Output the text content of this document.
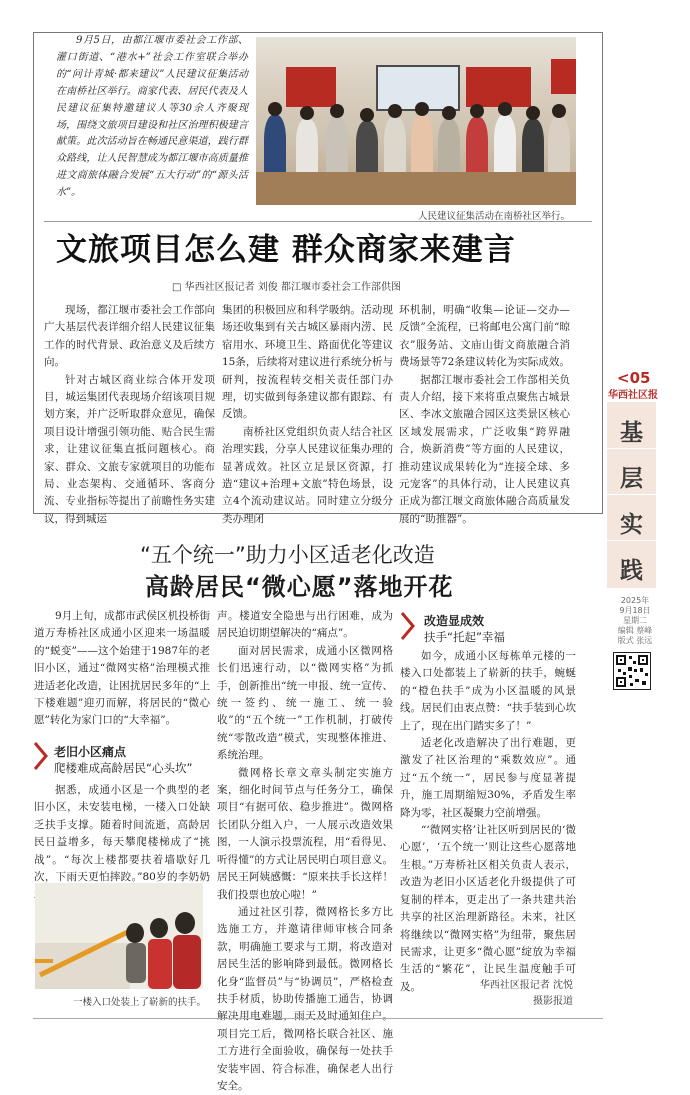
9月5日，由都江堰市委社会工作部、灌口街道、“港水+”社会工作室联合举办的“问计青城·都来建议”人民建议征集活动在南桥社区举行。商家代表、居民代表及人民建议征集特邀建议人等30余人齐聚现场，围绕文旅项目建设和社区治理积极建言献策。此次活动旨在畅通民意渠道，践行群众路线，让人民智慧成为都江堰市高质量推进文商旅体融合发展“五大行动”的“源头活水”。

人民建议征集活动在南桥社区举行。
文旅项目怎么建 群众商家来建言
□ 华西社区报记者 刘俊 都江堰市委社会工作部供图

现场，都江堰市委社会工作部向广大基层代表详细介绍人民建议征集工作的时代背景、政治意义及后续方向。

针对古城区商业综合体开发项目，城运集团代表现场介绍该项目规划方案，并广泛听取群众意见，确保项目设计增强引领功能、贴合民生需求，让建议征集直抵问题核心。商家、群众、文旅专家就项目的功能布局、业态架构、交通循环、客商分流、专业指标等提出了前瞻性务实建议，得到城运

集团的积极回应和科学吸纳。活动现场还收集到有关古城区暴雨内涝、民宿用水、环境卫生、路面优化等建议15条，后续将对建议进行系统分析与研判，按流程转交相关责任部门办理，切实做到每条建议都有跟踪、有反馈。

南桥社区党组织负责人结合社区治理实践，分享人民建议征集办理的显著成效。社区立足景区资源，打造“建议+治理+文旅”特色场景，设立4个流动建议站。同时建立分级分类办理闭

环机制，明确“收集—论证—交办—反馈”全流程，已将邮电公寓门前“晾衣”服务站、文庙山街文商旅融合消费场景等72条建议转化为实际成效。

据都江堰市委社会工作部相关负责人介绍，接下来将重点聚焦古城景区、李冰文旅融合园区这类景区核心区域发展需求，广泛收集“跨界融合，焕新消费”等方面的人民建议，推动建议成果转化为“连接全球、多元宠客”的具体行动，让人民建议真正成为都江堰文商旅体融合高质量发展的“助推器”。

<05
华西社区报
基
层
实
践
2025年
9月18日
星期二
编辑 蔡峰
版式 张远
“五个统一”助力小区适老化改造
高龄居民“微心愿”落地开花

9月上旬，成都市武侯区机投桥街道万寿桥社区成通小区迎来一场温暖的“蜕变”——这个始建于1987年的老旧小区，通过“微网实格”治理模式推进适老化改造，让困扰居民多年的“上下楼难题”迎刃而解，将居民的“微心愿”转化为家门口的“大幸福”。

老旧小区痛点
爬楼难成高龄居民“心头坎”

据悉，成通小区是一个典型的老旧小区，未安装电梯，一楼入口处缺乏扶手支撑。随着时间流逝，高龄居民日益增多，每天攀爬楼梯成了“挑战”。“每次上楼都要扶着墙歇好几次，下雨天更怕摔跤。”80岁的李奶奶

一楼入口处装上了崭新的扶手。

声。楼道安全隐患与出行困难，成为居民迫切期望解决的“痛点”。

面对居民需求，成通小区微网格长们迅速行动，以“微网实格”为抓手，创新推出“统一申报、统一宣传、统一签约、统一施工、统一验收”的“五个统一”工作机制，打破传统“零散改造”模式，实现整体推进、系统治理。

微网格长章文章头制定实施方案，细化时间节点与任务分工，确保项目“有据可依、稳步推进”。微网格长团队分组入户，一人展示改造效果图，一人演示投票流程，用“看得见、听得懂”的方式让居民明白项目意义。居民王阿姨感慨：“原来扶手长这样！我们投票也放心啦！”

通过社区引荐，微网格长多方比选施工方，并邀请律师审核合同条款，明确施工要求与工期，将改造对居民生活的影响降到最低。微网格长化身“监督员”与“协调员”，严格检查扶手材质，协助传播施工通告，协调解决用电难题，雨天及时通知住户。项目完工后，微网格长联合社区、施工方进行全面验收，确保每一处扶手安装牢固、符合标准，确保老人出行安全。

改造显成效
扶手“托起”幸福

如今，成通小区每栋单元楼的一楼入口处都装上了崭新的扶手，蜿蜒的“橙色扶手”成为小区温暖的风景线。居民们由衷点赞：“扶手装到心坎上了，现在出门踏实多了！”

适老化改造解决了出行难题，更激发了社区治理的“乘数效应”。通过“五个统一”，居民参与度显著提升，施工周期缩短30%，矛盾发生率降为零，社区凝聚力空前增强。

“‘微网实格’让社区听到居民的‘微心愿’，‘五个统一’则让这些心愿落地生根。”万寿桥社区相关负责人表示，改造为老旧小区适老化升级提供了可复制的样本，更走出了一条共建共治共享的社区治理新路径。未来，社区将继续以“微网实格”为纽带，聚焦居民需求，让更多“微心愿”绽放为幸福生活的“繁花”，让民生温度触手可及。	华西社区报记者 沈悦
摄影报道
